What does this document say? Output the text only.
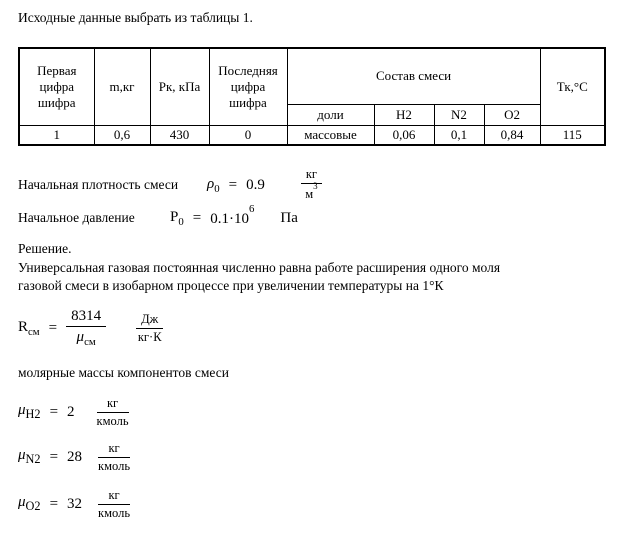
Исходные данные выбрать из таблицы 1.
Первая цифра шифра	m,кг	Рк, кПа	Последняя цифра шифра	Состав смеси				Тк,°С
				доли	H2	N2	O2	
1	0,6	430	0	массовые	0,06	0,1	0,84	115
Начальная плотность смеси	$\rho_0 = 0.9$	$\frac{кг}{м^3}$
Начальное давление	$P_0 = 0.1\cdot 10^6$
Па
Решение.
Универсальная газовая постоянная численно равна работе расширения одного моля
газовой смеси в изобарном процессе при увеличении температуры на 1°К
$R_{см} = \frac{8314}{\mu_{см}} \frac{Дж}{кг\cdot К}$
молярные массы компонентов смеси
$\mu_{H2} = 2 \frac{кг}{\text{кмоль}}$
$\mu_{N2} = 28 \frac{кг}{\text{кмоль}}$
$\mu_{O2} = 32 \frac{кг}{\text{кмоль}}$
